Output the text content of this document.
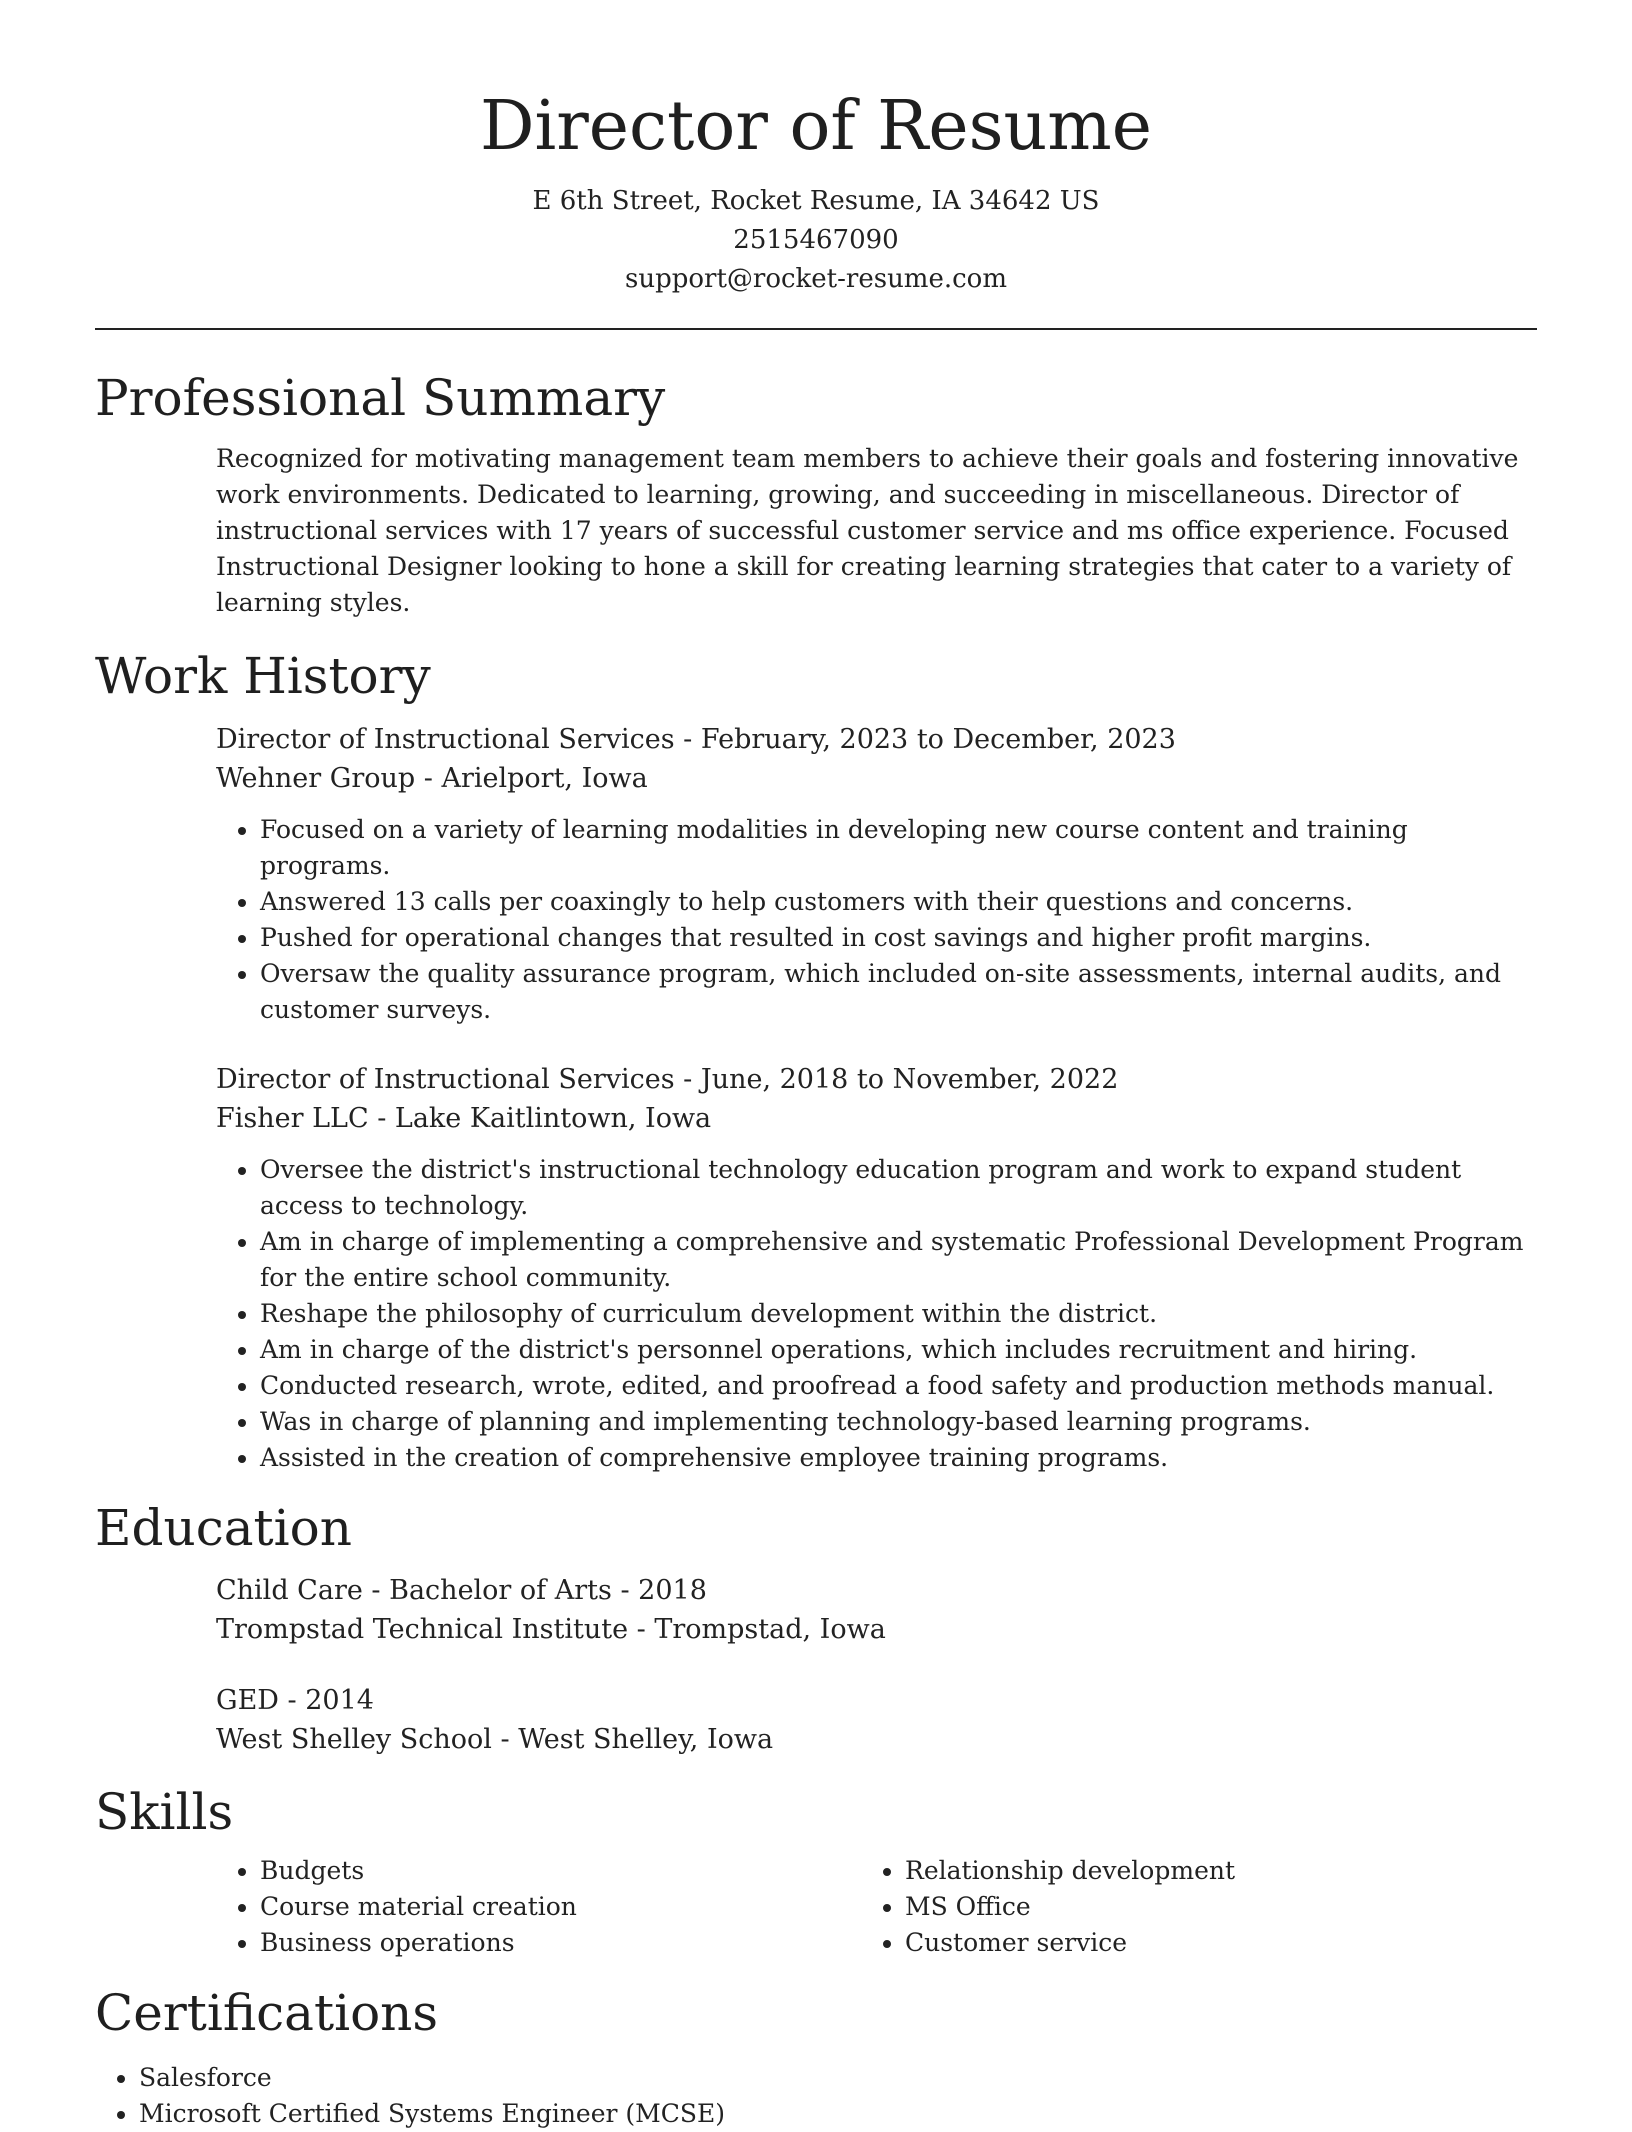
Director of Resume
E 6th Street, Rocket Resume, IA 34642 US
2515467090
support@rocket-resume.com
Professional Summary
Recognized for motivating management team members to achieve their goals and fostering innovative work environments. Dedicated to learning, growing, and succeeding in miscellaneous. Director of instructional services with 17 years of successful customer service and ms office experience. Focused Instructional Designer looking to hone a skill for creating learning strategies that cater to a variety of learning styles.
Work History
Director of Instructional Services - February, 2023 to December, 2023
Wehner Group - Arielport, Iowa
• Focused on a variety of learning modalities in developing new course content and training programs.
• Answered 13 calls per coaxingly to help customers with their questions and concerns.
• Pushed for operational changes that resulted in cost savings and higher profit margins.
• Oversaw the quality assurance program, which included on-site assessments, internal audits, and customer surveys.
Director of Instructional Services - June, 2018 to November, 2022
Fisher LLC - Lake Kaitlintown, Iowa
• Oversee the district's instructional technology education program and work to expand student access to technology.
• Am in charge of implementing a comprehensive and systematic Professional Development Program for the entire school community.
• Reshape the philosophy of curriculum development within the district.
• Am in charge of the district's personnel operations, which includes recruitment and hiring.
• Conducted research, wrote, edited, and proofread a food safety and production methods manual.
• Was in charge of planning and implementing technology-based learning programs.
• Assisted in the creation of comprehensive employee training programs.
Education
Child Care - Bachelor of Arts - 2018
Trompstad Technical Institute - Trompstad, Iowa
GED - 2014
West Shelley School - West Shelley, Iowa
Skills
• Budgets
• Course material creation
• Business operations
• Relationship development
• MS Office
• Customer service
Certifications
• Salesforce
• Microsoft Certified Systems Engineer (MCSE)
